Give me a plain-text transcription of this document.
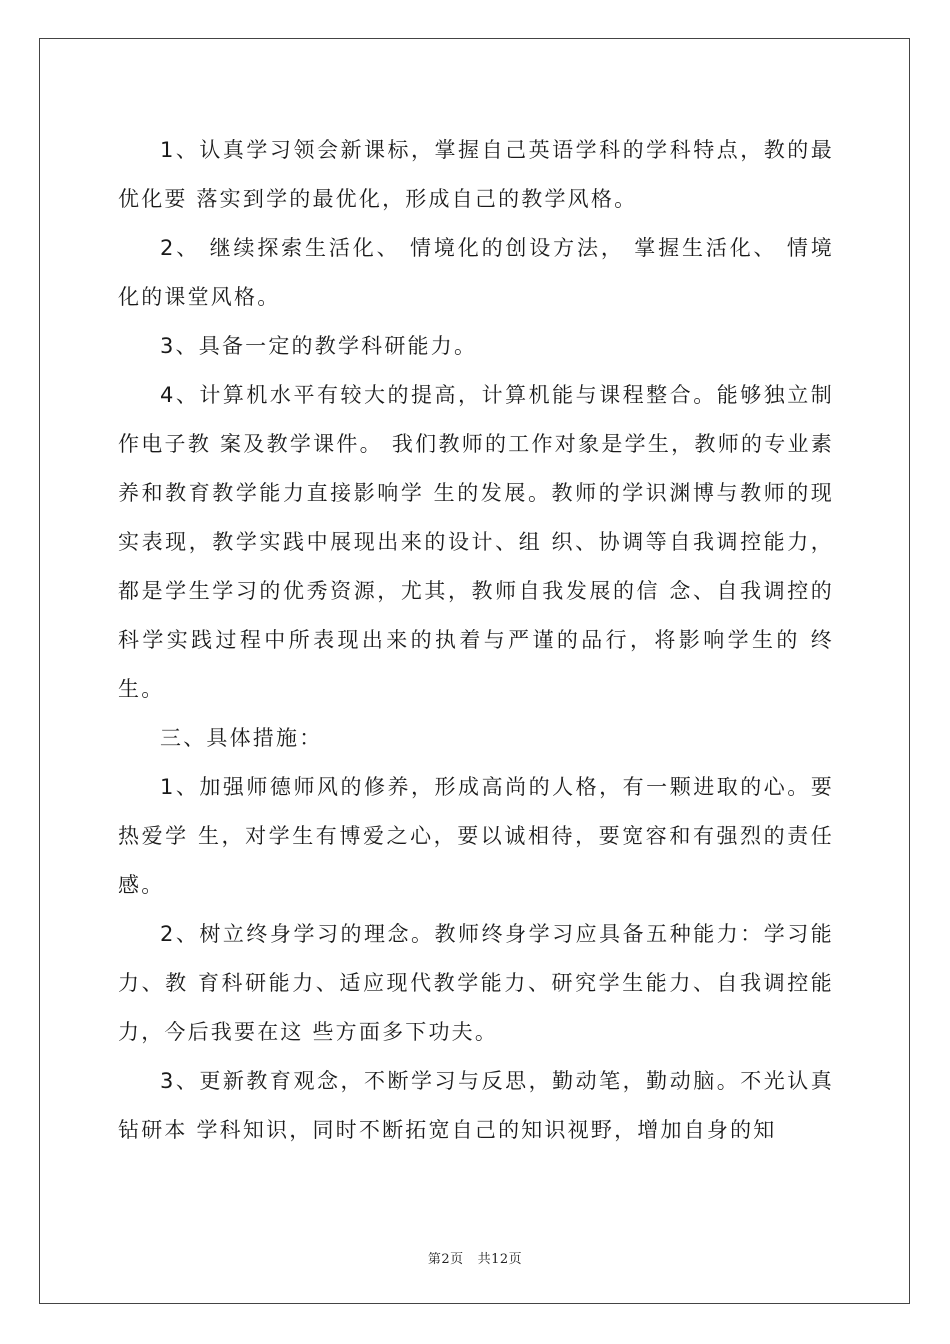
1、认真学习领会新课标，掌握自己英语学科的学科特点，教的最优化要 落实到学的最优化，形成自己的教学风格。

2、 继续探索生活化、 情境化的创设方法， 掌握生活化、 情境化的课堂风格。

3、具备一定的教学科研能力。

4、计算机水平有较大的提高，计算机能与课程整合。能够独立制作电子教 案及教学课件。 我们教师的工作对象是学生，教师的专业素养和教育教学能力直接影响学 生的发展。教师的学识渊博与教师的现实表现，教学实践中展现出来的设计、组 织、协调等自我调控能力，都是学生学习的优秀资源，尤其，教师自我发展的信 念、自我调控的科学实践过程中所表现出来的执着与严谨的品行，将影响学生的 终生。

三、具体措施：

1、加强师德师风的修养，形成高尚的人格，有一颗进取的心。要热爱学 生，对学生有博爱之心，要以诚相待，要宽容和有强烈的责任感。

2、树立终身学习的理念。教师终身学习应具备五种能力：学习能力、教 育科研能力、适应现代教学能力、研究学生能力、自我调控能力，今后我要在这 些方面多下功夫。

3、更新教育观念，不断学习与反思，勤动笔，勤动脑。不光认真钻研本 学科知识，同时不断拓宽自己的知识视野，增加自身的知

第2页 共12页
